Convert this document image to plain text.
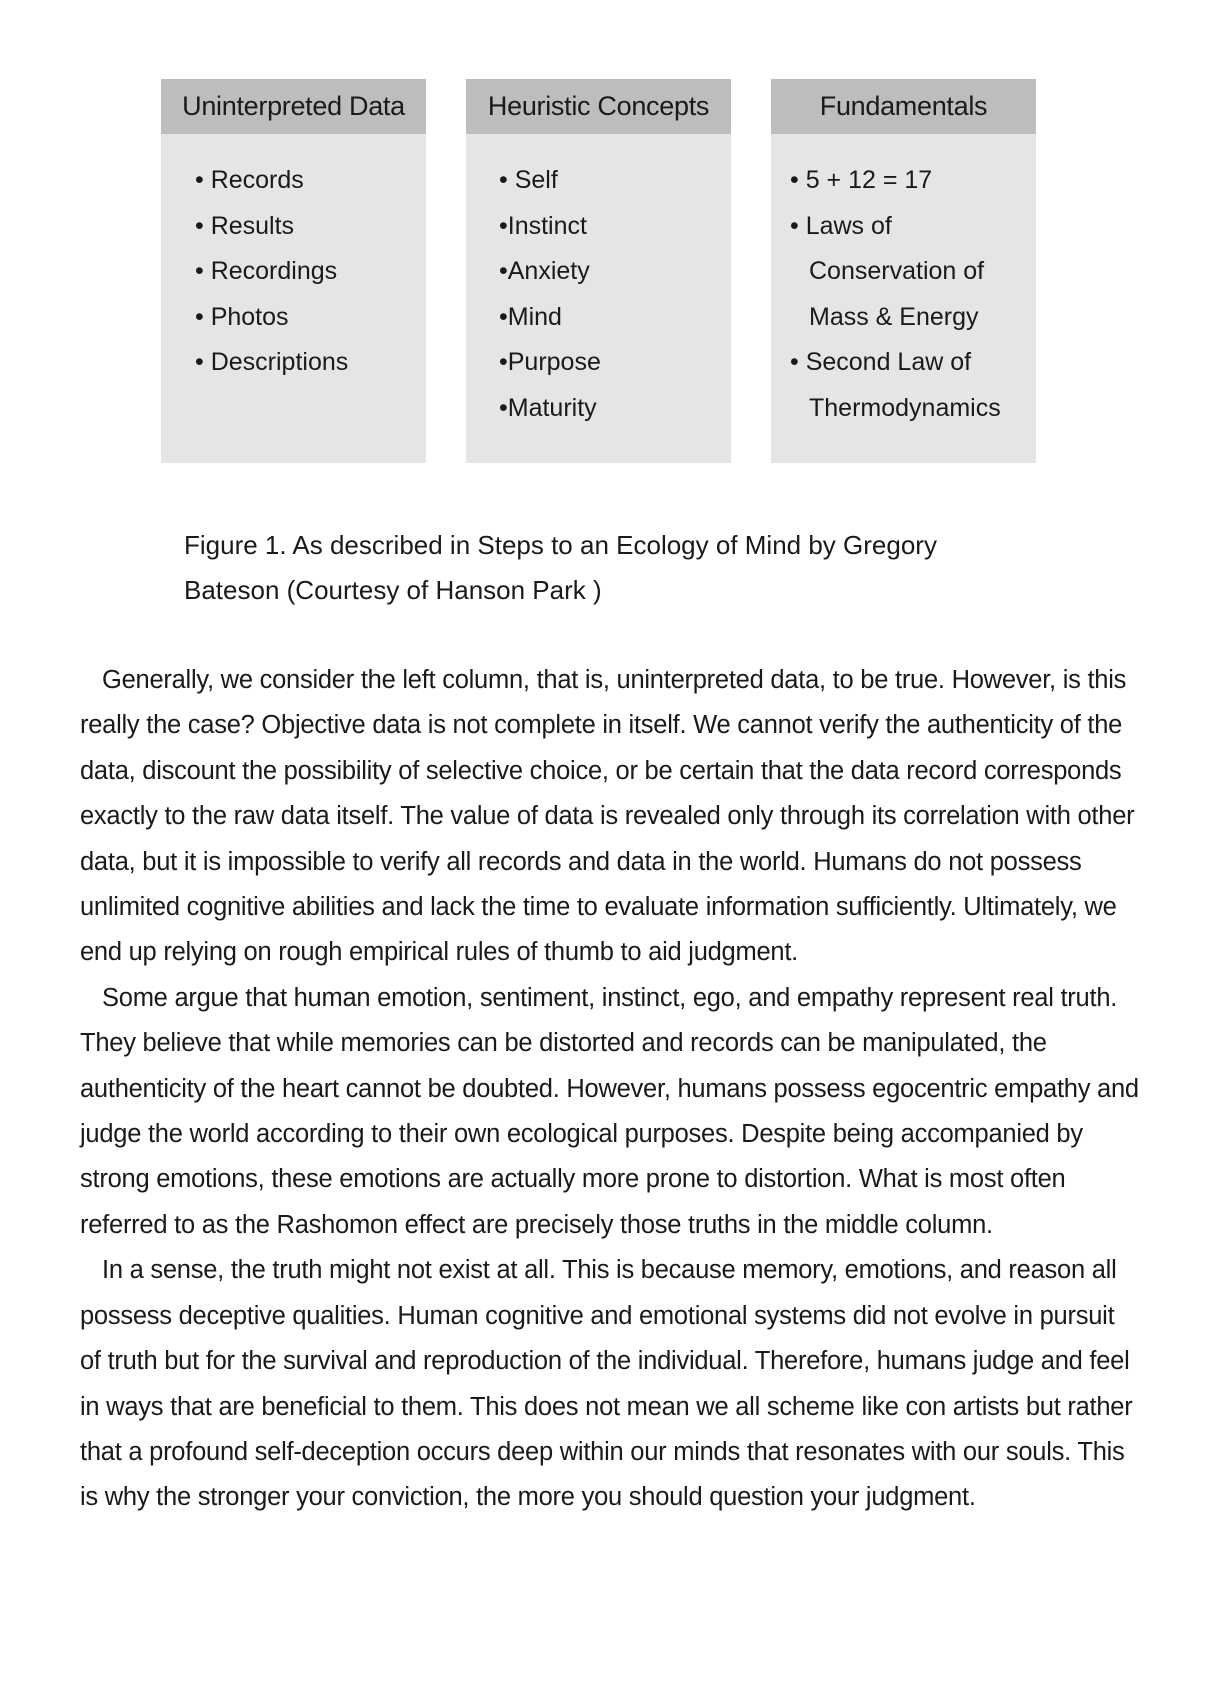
Uninterpreted Data
• Records
• Results
• Recordings
• Photos
• Descriptions
Heuristic Concepts
• Self
•Instinct
•Anxiety
•Mind
•Purpose
•Maturity
Fundamentals
• 5 + 12 = 17
• Laws of Conservation of Mass & Energy
• Second Law of Thermodynamics

Figure 1. As described in Steps to an Ecology of Mind by Gregory Bateson (Courtesy of Hanson Park )

Generally, we consider the left column, that is, uninterpreted data, to be true. However, is this really the case? Objective data is not complete in itself. We cannot verify the authenticity of the data, discount the possibility of selective choice, or be certain that the data record corresponds exactly to the raw data itself. The value of data is revealed only through its correlation with other data, but it is impossible to verify all records and data in the world. Humans do not possess unlimited cognitive abilities and lack the time to evaluate information sufficiently. Ultimately, we end up relying on rough empirical rules of thumb to aid judgment.

Some argue that human emotion, sentiment, instinct, ego, and empathy represent real truth. They believe that while memories can be distorted and records can be manipulated, the authenticity of the heart cannot be doubted. However, humans possess egocentric empathy and judge the world according to their own ecological purposes. Despite being accompanied by strong emotions, these emotions are actually more prone to distortion. What is most often referred to as the Rashomon effect are precisely those truths in the middle column.

In a sense, the truth might not exist at all. This is because memory, emotions, and reason all possess deceptive qualities. Human cognitive and emotional systems did not evolve in pursuit of truth but for the survival and reproduction of the individual. Therefore, humans judge and feel in ways that are beneficial to them. This does not mean we all scheme like con artists but rather that a profound self-deception occurs deep within our minds that resonates with our souls. This is why the stronger your conviction, the more you should question your judgment.
